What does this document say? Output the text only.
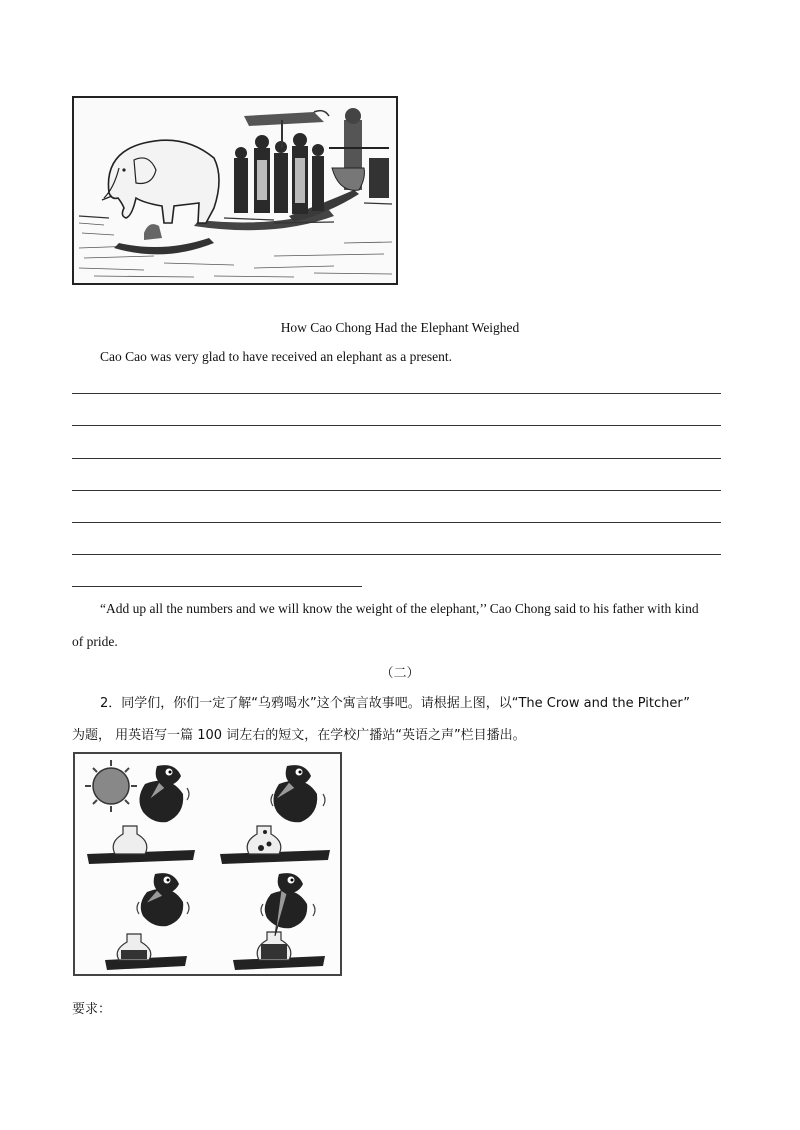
How Cao Chong Had the Elephant Weighed
Cao Cao was very glad to have received an elephant as a present.
“Add up all the numbers and we will know the weight of the elephant,’’ Cao Chong said to his father with kind
of pride.
（二）
2．同学们，你们一定了解“乌鸦喝水”这个寓言故事吧。请根据上图，以“The Crow and the Pitcher”
为题， 用英语写一篇 100 词左右的短文，在学校广播站“英语之声”栏目播出。
要求：
